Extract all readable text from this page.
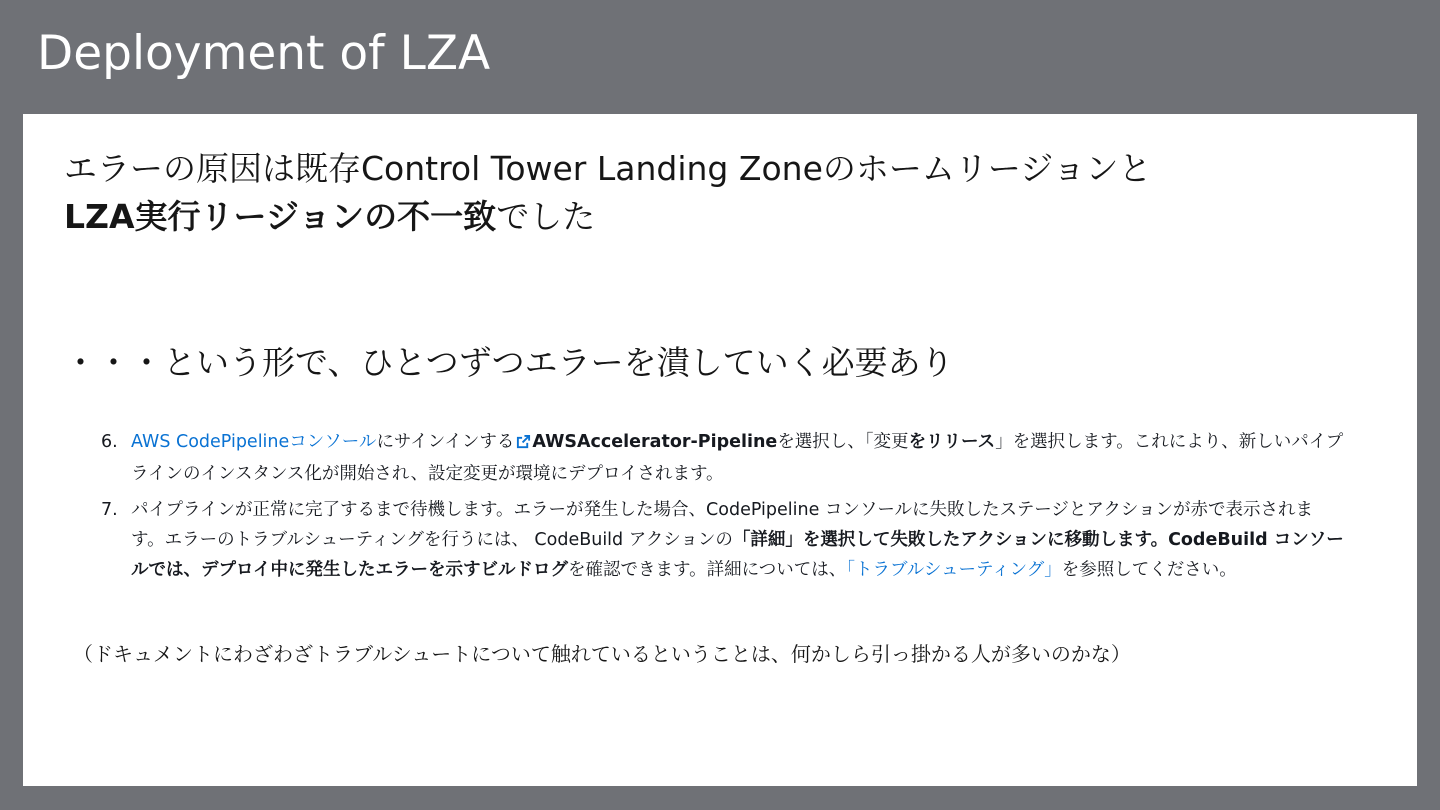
Deployment of LZA
エラーの原因は既存Control Tower Landing Zoneのホームリージョンと
LZA実行リージョンの不一致でした
・・・という形で、ひとつずつエラーを潰していく必要あり
6. AWS CodePipelineコンソールにサインインする AWSAccelerator-Pipelineを選択し、「変更をリリース」を選択します。これにより、新しいパイプラインのインスタンス化が開始され、設定変更が環境にデプロイされます。
7. パイプラインが正常に完了するまで待機します。エラーが発生した場合、CodePipeline コンソールに失敗したステージとアクションが赤で表示されます。エラーのトラブルシューティングを行うには、 CodeBuild アクションの「詳細」を選択して失敗したアクションに移動します。CodeBuild コンソールでは、デプロイ中に発生したエラーを示すビルドログを確認できます。詳細については、「トラブルシューティング」を参照してください。
（ドキュメントにわざわざトラブルシュートについて触れているということは、何かしら引っ掛かる人が多いのかな）
